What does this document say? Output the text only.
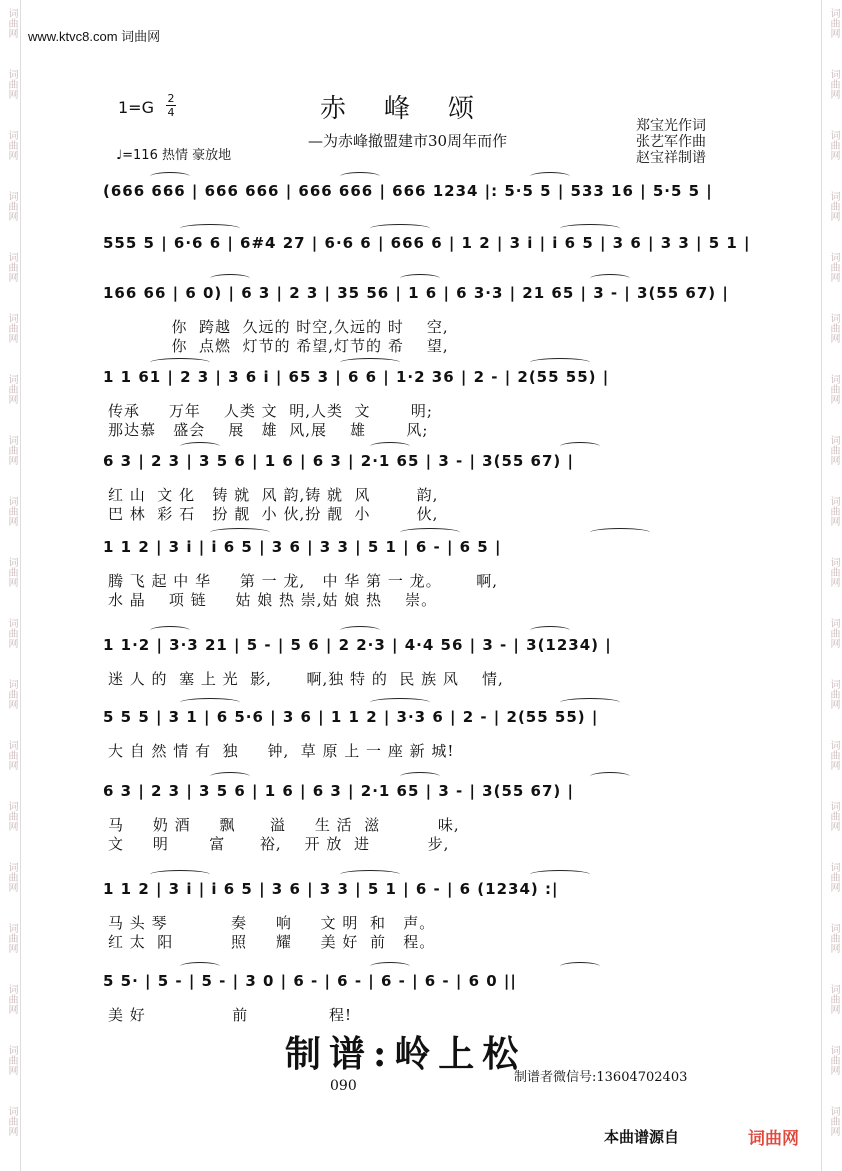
词曲网
词曲网
词曲网
词曲网
词曲网
词曲网
词曲网
词曲网
词曲网
词曲网
词曲网
词曲网
词曲网
词曲网
词曲网
词曲网
词曲网
词曲网
词曲网
词曲网
词曲网
词曲网
词曲网
词曲网
词曲网
词曲网
词曲网
词曲网
词曲网
词曲网
词曲网
词曲网
词曲网
词曲网
词曲网
词曲网
词曲网
词曲网
www.ktvc8.com 词曲网
1=G 2
4	赤峰颂
—为赤峰撤盟建市30周年而作
♩=116 热情 豪放地
郑宝光作词
张艺军作曲
赵宝祥制谱
(666 666 | 666 666 | 666 666 | 666 1234 |: 5·5 5 | 533 16 | 5·5 5 |
555 5 | 6·6 6 | 6#4 27 | 6·6 6 | 666 6 | 1 2 | 3 i | i 6 5 | 3 6 | 3 3 | 5 1 |
166 66 | 6 0) | 6 3 | 2 3 | 35 56 | 1 6 | 6 3·3 | 21 65 | 3 - | 3(55 67) |
你  跨越  久远的 时空,久远的 时    空,
你  点燃  灯节的 希望,灯节的 希    望,
1 1 61 | 2 3 | 3 6 i | 65 3 | 6 6 | 1·2 36 | 2 - | 2(55 55) |
传承     万年    人类 文  明,人类  文       明;
那达慕   盛会    展   雄  风,展    雄       风;
6 3 | 2 3 | 3 5 6 | 1 6 | 6 3 | 2·1 65 | 3 - | 3(55 67) |
红 山  文 化   铸 就  风 韵,铸 就  风        韵,
巴 林  彩 石   扮 靓  小 伙,扮 靓  小        伙,
1 1 2 | 3 i | i 6 5 | 3 6 | 3 3 | 5 1 | 6 - | 6 5 |
腾 飞 起 中 华     第 一 龙,   中 华 第 一 龙。      啊,
水 晶    项 链     姑 娘 热 崇,姑 娘 热    崇。
1 1·2 | 3·3 21 | 5 - | 5 6 | 2 2·3 | 4·4 56 | 3 - | 3(1234) |
迷 人 的  塞 上 光  影,      啊,独 特 的  民 族 风    情,
5 5 5 | 3 1 | 6 5·6 | 3 6 | 1 1 2 | 3·3 6 | 2 - | 2(55 55) |
大 自 然 情 有  独     钟,  草 原 上 一 座 新 城!
6 3 | 2 3 | 3 5 6 | 1 6 | 6 3 | 2·1 65 | 3 - | 3(55 67) |
马     奶 酒     飘      溢     生 活  滋          味,
文     明       富      裕,    开 放  进          步,
1 1 2 | 3 i | i 6 5 | 3 6 | 3 3 | 5 1 | 6 - | 6 (1234) :|
马 头 琴           奏     响     文 明  和   声。
红 太  阳          照     耀     美 好  前   程。
5 5· | 5 - | 5 - | 3 0 | 6 - | 6 - | 6 - | 6 - | 6 0 ||
美 好               前              程!
制谱:岭上松
090
制谱者微信号:13604702403
本曲谱源自	词曲网
